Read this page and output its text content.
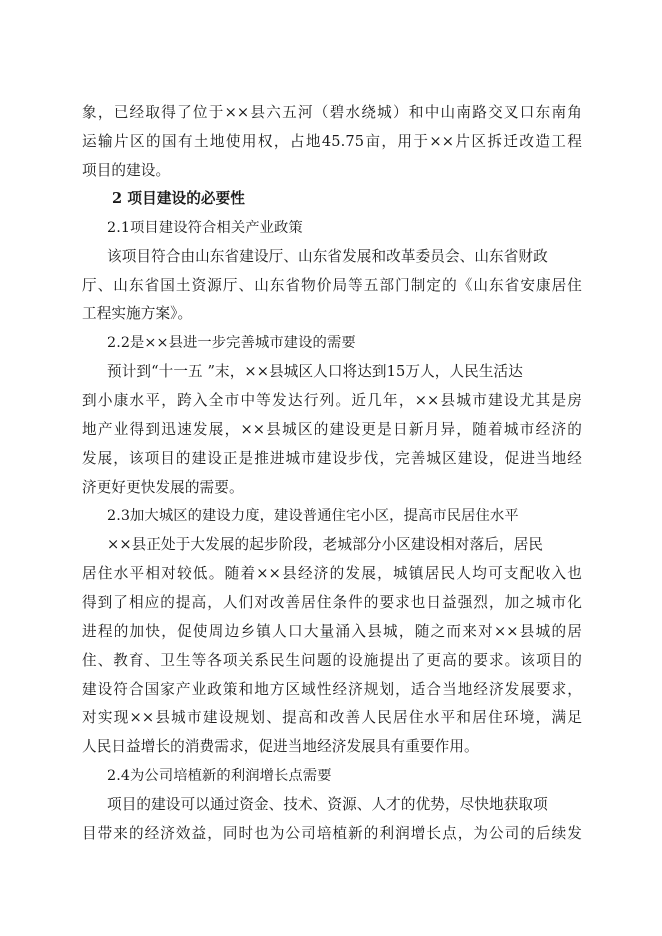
象，已经取得了位于××县六五河（碧水绕城）和中山南路交叉口东南角
运输片区的国有土地使用权，占地45.75亩，用于××片区拆迁改造工程
项目的建设。
2 项目建设的必要性
2.1项目建设符合相关产业政策
该项目符合由山东省建设厅、山东省发展和改革委员会、山东省财政
厅、山东省国土资源厅、山东省物价局等五部门制定的《山东省安康居住
工程实施方案》。
2.2是××县进一步完善城市建设的需要
预计到“十一五 ”末，××县城区人口将达到15万人，人民生活达
到小康水平，跨入全市中等发达行列。近几年，××县城市建设尤其是房
地产业得到迅速发展，××县城区的建设更是日新月异，随着城市经济的
发展，该项目的建设正是推进城市建设步伐，完善城区建设，促进当地经
济更好更快发展的需要。
2.3加大城区的建设力度，建设普通住宅小区，提高市民居住水平
××县正处于大发展的起步阶段，老城部分小区建设相对落后，居民
居住水平相对较低。随着××县经济的发展，城镇居民人均可支配收入也
得到了相应的提高，人们对改善居住条件的要求也日益强烈，加之城市化
进程的加快，促使周边乡镇人口大量涌入县城，随之而来对××县城的居
住、教育、卫生等各项关系民生问题的设施提出了更高的要求。该项目的
建设符合国家产业政策和地方区域性经济规划，适合当地经济发展要求，
对实现××县城市建设规划、提高和改善人民居住水平和居住环境，满足
人民日益增长的消费需求，促进当地经济发展具有重要作用。
2.4为公司培植新的利润增长点需要
项目的建设可以通过资金、技术、资源、人才的优势，尽快地获取项
目带来的经济效益，同时也为公司培植新的利润增长点，为公司的后续发
